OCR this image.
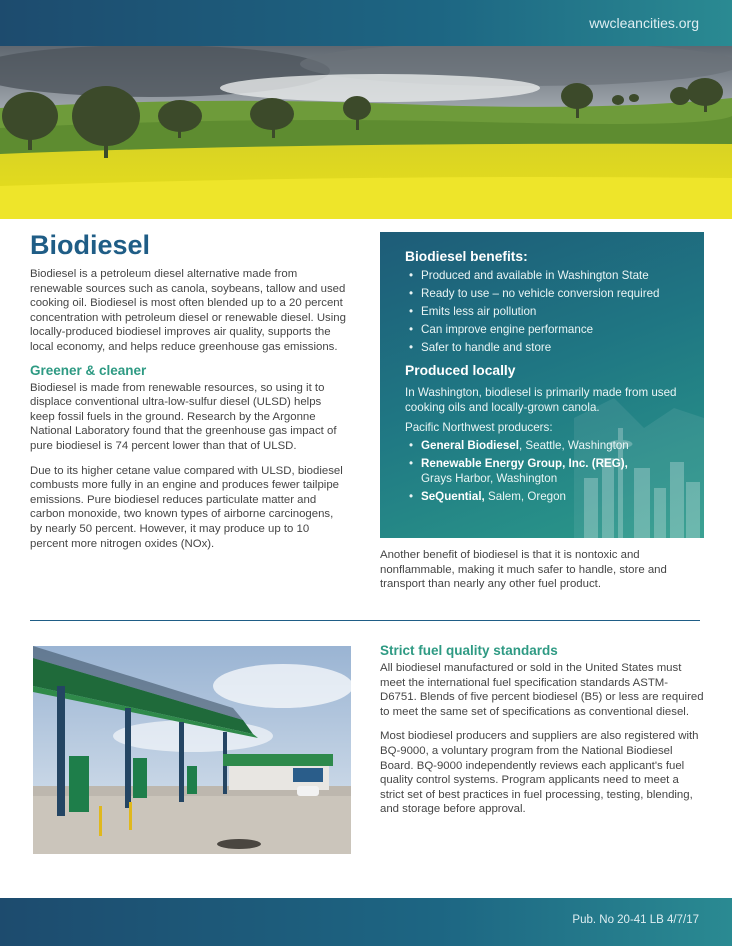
wwcleancities.org
Biodiesel

Biodiesel is a petroleum diesel alternative made from renewable sources such as canola, soybeans, tallow and used cooking oil. Biodiesel is most often blended up to a 20 percent concentration with petroleum diesel or renewable diesel. Using locally-produced biodiesel improves air quality, supports the local economy, and helps reduce greenhouse gas emissions.

Greener & cleaner

Biodiesel is made from renewable resources, so using it to displace conventional ultra-low-sulfur diesel (ULSD) helps keep fossil fuels in the ground. Research by the Argonne National Laboratory found that the greenhouse gas impact of pure biodiesel is 74 percent lower than that of ULSD.

Due to its higher cetane value compared with ULSD, biodiesel combusts more fully in an engine and produces fewer tailpipe emissions. Pure biodiesel reduces particulate matter and carbon monoxide, two known types of airborne carcinogens, by nearly 50 percent. However, it may produce up to 10 percent more nitrogen oxides (NOx).

Biodiesel benefits:
• Produced and available in Washington State
• Ready to use – no vehicle conversion required
• Emits less air pollution
• Can improve engine performance
• Safer to handle and store
Produced locally

In Washington, biodiesel is primarily made from used cooking oils and locally-grown canola.

Pacific Northwest producers:

• General Biodiesel, Seattle, Washington
• Renewable Energy Group, Inc. (REG),
Grays Harbor, Washington
• SeQuential, Salem, Oregon

Another benefit of biodiesel is that it is nontoxic and nonflammable, making it much safer to handle, store and transport than nearly any other fuel product.

Strict fuel quality standards

All biodiesel manufactured or sold in the United States must meet the international fuel specification standards ASTM-D6751. Blends of five percent biodiesel (B5) or less are required to meet the same set of specifications as conventional diesel.

Most biodiesel producers and suppliers are also registered with BQ-9000, a voluntary program from the National Biodiesel Board. BQ-9000 independently reviews each applicant's fuel quality control systems. Program applicants need to meet a strict set of best practices in fuel processing, testing, blending, and storage before approval.

Pub. No 20-41 LB 4/7/17
